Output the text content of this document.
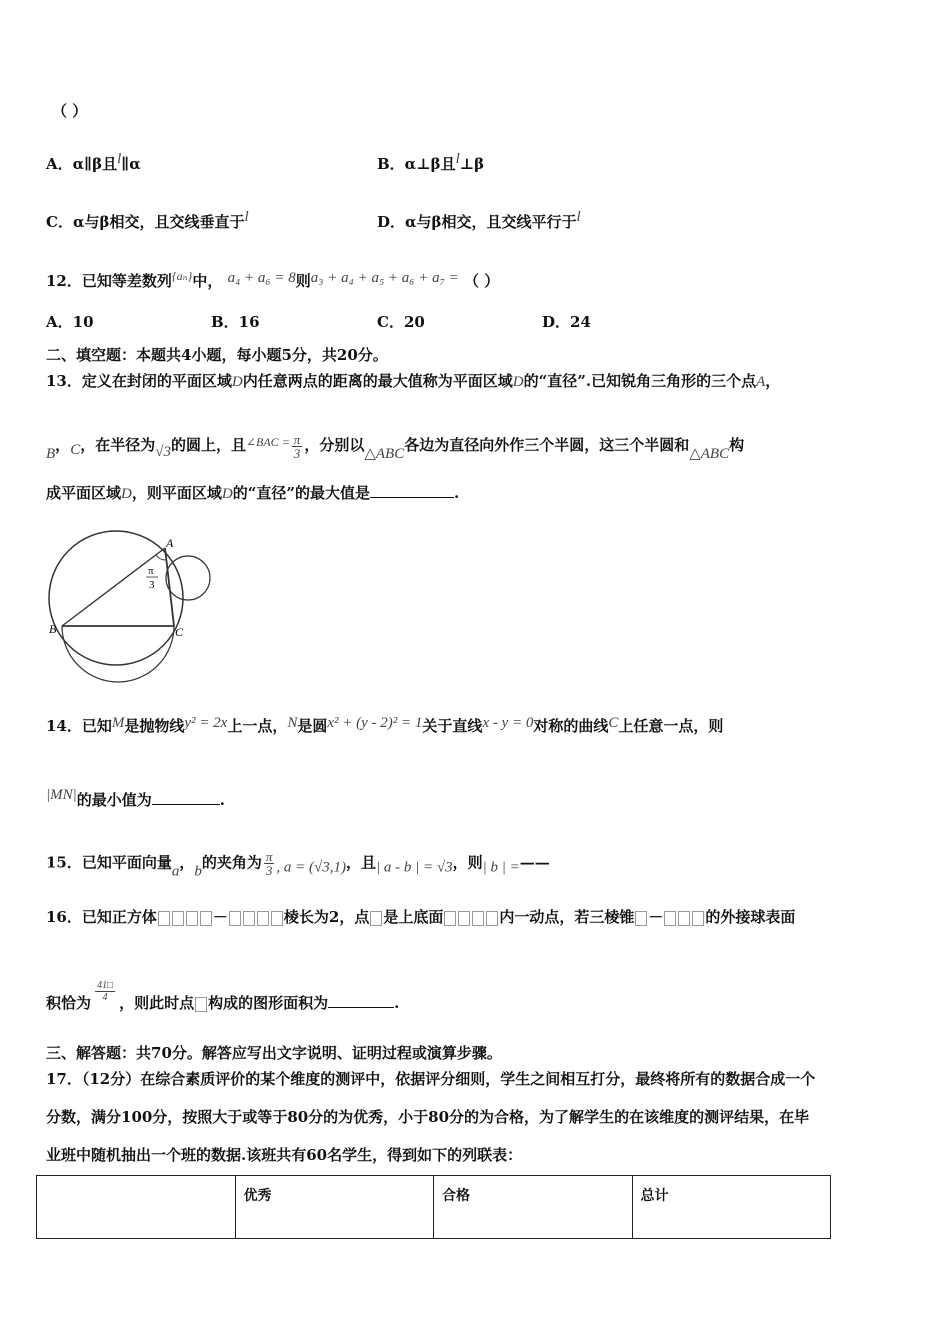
（ ）
A．α∥β且$^l$∥α	B．α⊥β且$^l$⊥β
C．α与β相交，且交线垂直于$^l$	D．α与β相交，且交线平行于$^l$
12．已知等差数列$^{\{a_n\}}$中， a₄ + a₆ = 8则a₃ + a₄ + a₅ + a₆ + a₇ = （ ）
A．10	B．16	C．20	D．24
二、填空题：本题共4小题，每小题5分，共20分。
13．定义在封闭的平面区域D内任意两点的距离的最大值称为平面区域D的“直径”.已知锐角三角形的三个点A，
B，C，在半径为√3的圆上，且$^{\angle BAC =} \frac{\pi}{3}$ ，分别以△ABC各边为直径向外作三个半圆，这三个半圆和△ABC构
成平面区域D，则平面区域D的“直径”的最大值是	.
A
B	C
π
3
14．已知M是抛物线y² = 2x上一点，N是圆x² + (y - 2)² = 1关于直线x - y = 0对称的曲线C上任意一点，则
|MN|的最小值为	.
15．已知平面向量a，b的夹角为 $\frac{\pi}{3}$ , a = (√3,1)，且| a - b | = √3，则| b | =——
16．已知正方体	－	棱长为2，点 是上底面	内一动点，若三棱锥 －	的外接球表面
积恰为 $\frac{41□}{4}$ ，则此时点 构成的图形面积为	.
三、解答题：共70分。解答应写出文字说明、证明过程或演算步骤。
17．（12分）在综合素质评价的某个维度的测评中，依据评分细则，学生之间相互打分，最终将所有的数据合成一个
分数，满分100分，按照大于或等于80分的为优秀，小于80分的为合格，为了解学生的在该维度的测评结果，在毕
业班中随机抽出一个班的数据.该班共有60名学生，得到如下的列联表：
	优秀	合格	总计
